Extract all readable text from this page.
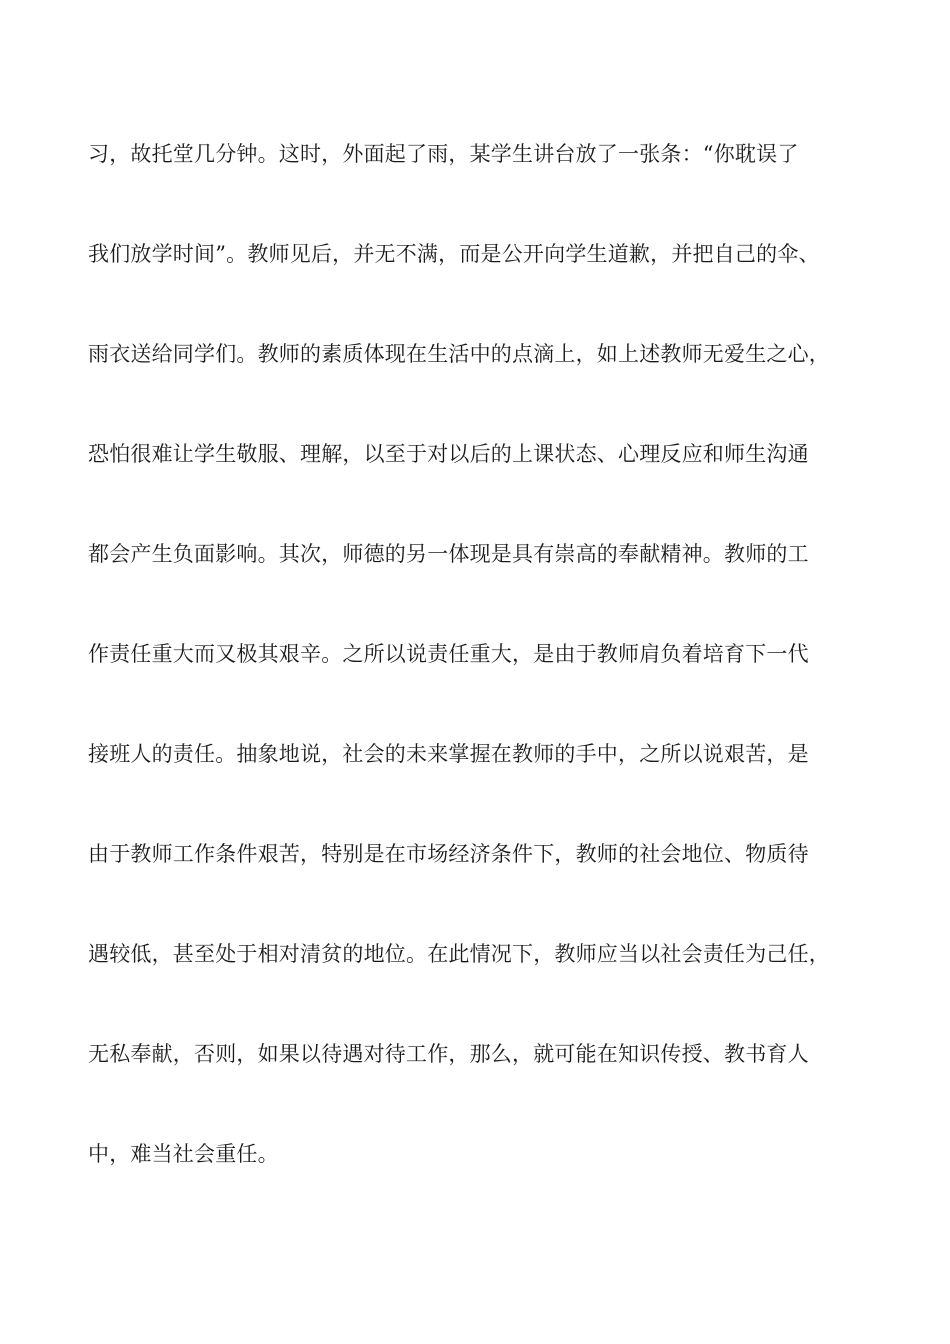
习，故托堂几分钟。这时，外面起了雨，某学生讲台放了一张条：“你耽误了
我们放学时间”。教师见后，并无不满，而是公开向学生道歉，并把自己的伞、
雨衣送给同学们。教师的素质体现在生活中的点滴上，如上述教师无爱生之心，
恐怕很难让学生敬服、理解，以至于对以后的上课状态、心理反应和师生沟通
都会产生负面影响。其次，师德的另一体现是具有崇高的奉献精神。教师的工
作责任重大而又极其艰辛。之所以说责任重大，是由于教师肩负着培育下一代
接班人的责任。抽象地说，社会的未来掌握在教师的手中，之所以说艰苦，是
由于教师工作条件艰苦，特别是在市场经济条件下，教师的社会地位、物质待
遇较低，甚至处于相对清贫的地位。在此情况下，教师应当以社会责任为己任，
无私奉献，否则，如果以待遇对待工作，那么，就可能在知识传授、教书育人
中，难当社会重任。
